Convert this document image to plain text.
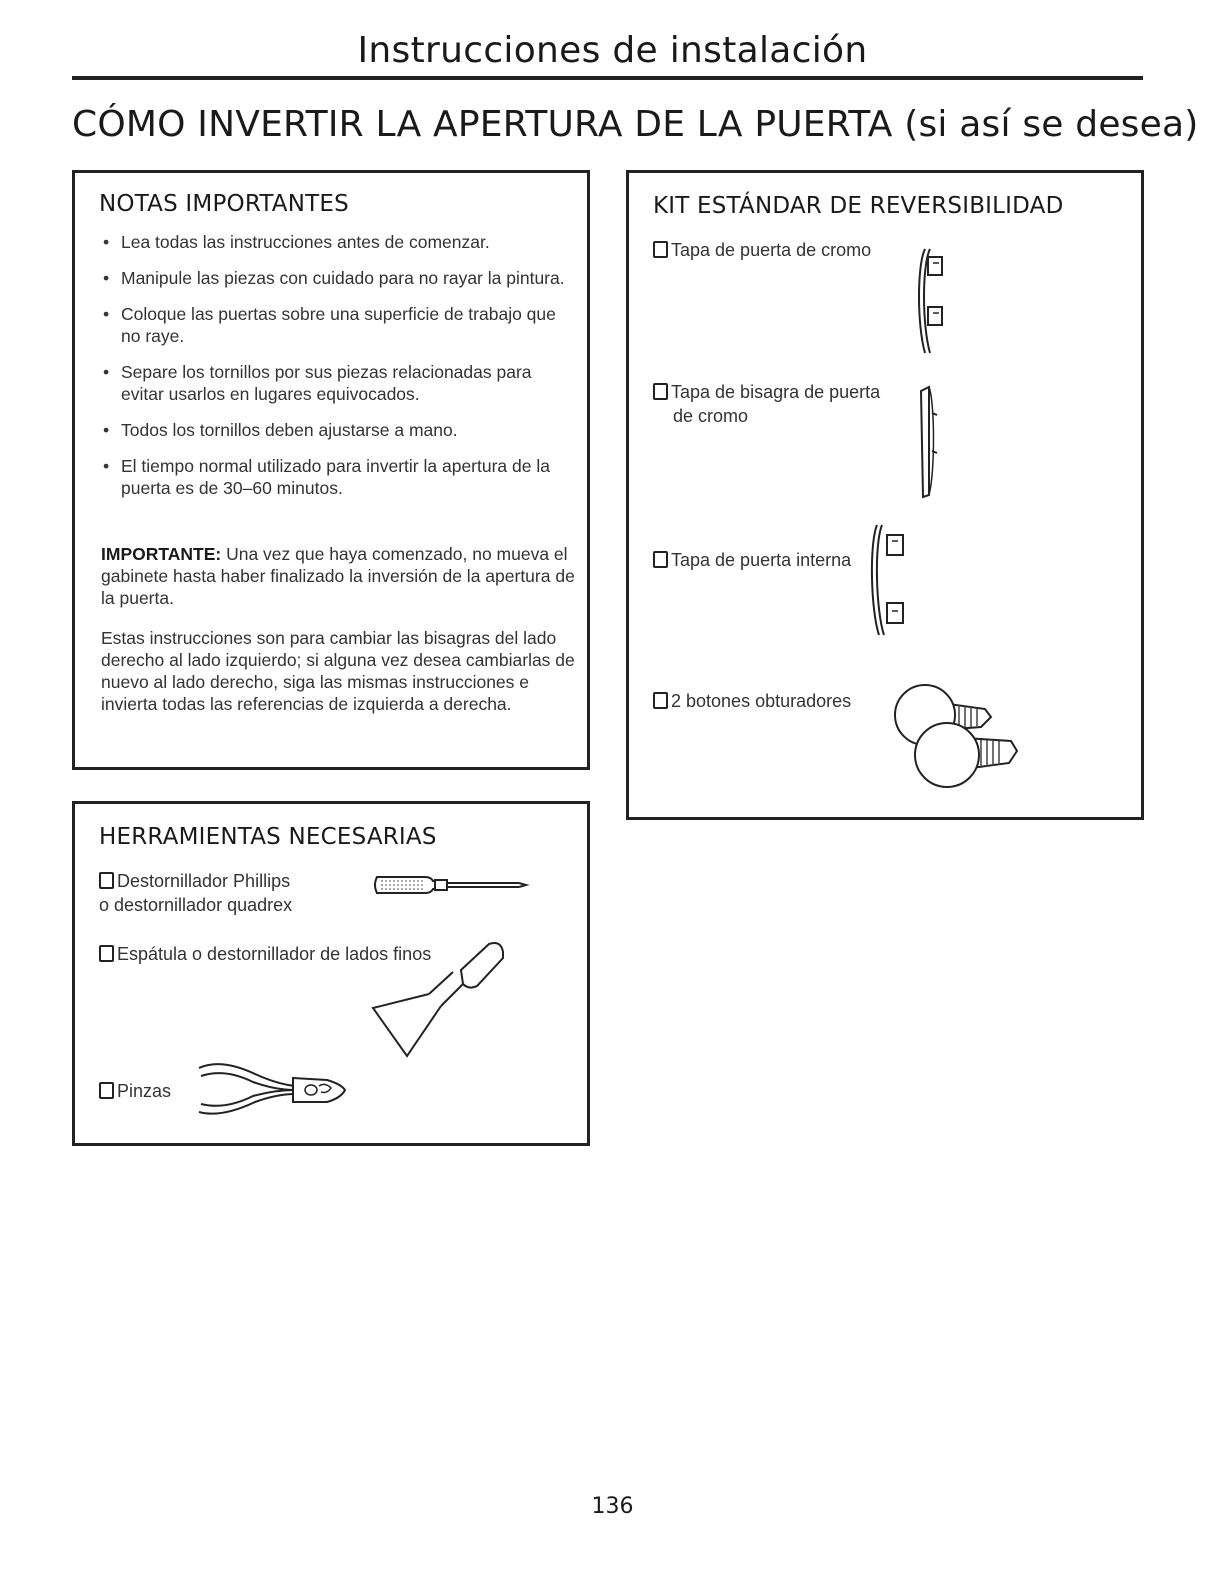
Instrucciones de instalación
CÓMO INVERTIR LA APERTURA DE LA PUERTA (si así se desea)
NOTAS IMPORTANTES
• Lea todas las instrucciones antes de comenzar.
• Manipule las piezas con cuidado para no rayar la pintura.
• Coloque las puertas sobre una superficie de trabajo que no raye.
• Separe los tornillos por sus piezas relacionadas para evitar usarlos en lugares equivocados.
• Todos los tornillos deben ajustarse a mano.
• El tiempo normal utilizado para invertir la apertura de la puerta es de 30–60 minutos.

IMPORTANTE: Una vez que haya comenzado, no mueva el gabinete hasta haber finalizado la inversión de la apertura de la puerta.

Estas instrucciones son para cambiar las bisagras del lado derecho al lado izquierdo; si alguna vez desea cambiarlas de nuevo al lado derecho, siga las mismas instrucciones e invierta todas las referencias de izquierda a derecha.

KIT ESTÁNDAR DE REVERSIBILIDAD
Tapa de puerta de cromo
Tapa de bisagra de puerta
de cromo
Tapa de puerta interna
2 botones obturadores
HERRAMIENTAS NECESARIAS
Destornillador Phillips
o destornillador quadrex
Espátula o destornillador de lados finos
Pinzas
136
